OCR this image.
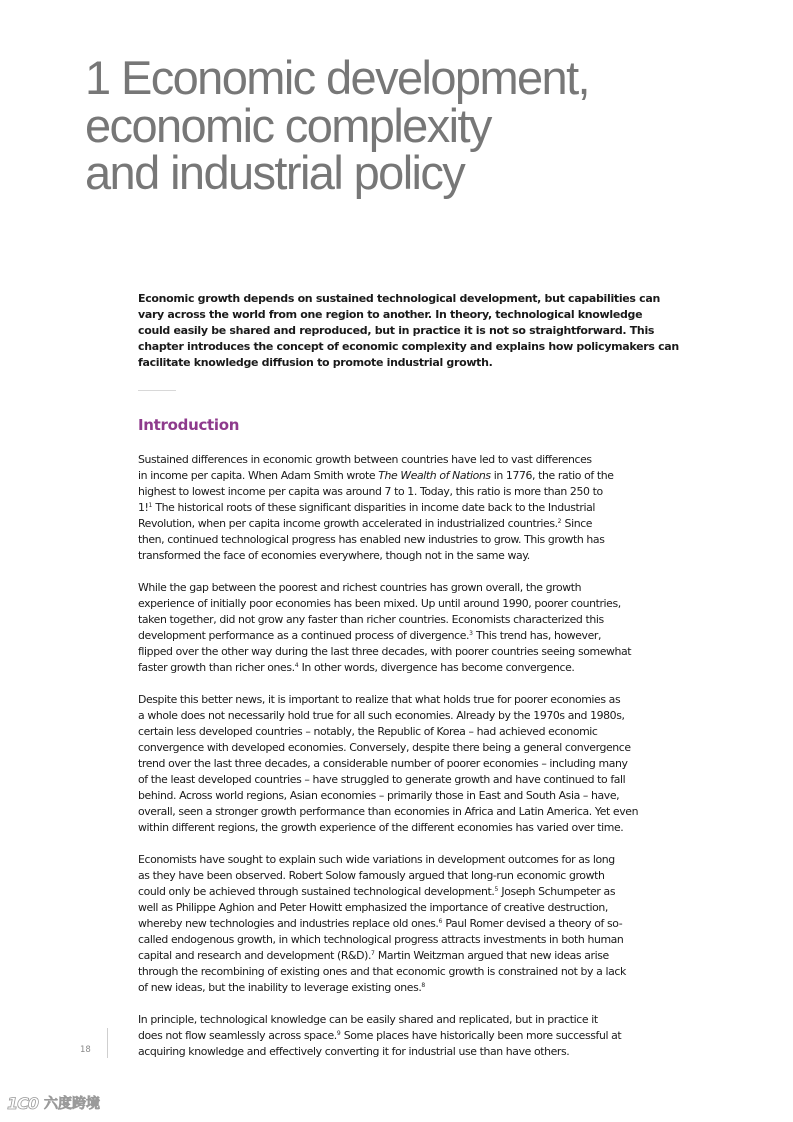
1 Economic development,
economic complexity
and industrial policy

Economic growth depends on sustained technological development, but capabilities can
vary across the world from one region to another. In theory, technological knowledge
could easily be shared and reproduced, but in practice it is not so straightforward. This
chapter introduces the concept of economic complexity and explains how policymakers can
facilitate knowledge diffusion to promote industrial growth.

Introduction

Sustained differences in economic growth between countries have led to vast differences
in income per capita. When Adam Smith wrote The Wealth of Nations in 1776, the ratio of the
highest to lowest income per capita was around 7 to 1. Today, this ratio is more than 250 to
1!$^1$ The historical roots of these significant disparities in income date back to the Industrial
Revolution, when per capita income growth accelerated in industrialized countries.$^2$ Since
then, continued technological progress has enabled new industries to grow. This growth has
transformed the face of economies everywhere, though not in the same way.

While the gap between the poorest and richest countries has grown overall, the growth
experience of initially poor economies has been mixed. Up until around 1990, poorer countries,
taken together, did not grow any faster than richer countries. Economists characterized this
development performance as a continued process of divergence.$^3$ This trend has, however,
flipped over the other way during the last three decades, with poorer countries seeing somewhat
faster growth than richer ones.$^4$ In other words, divergence has become convergence.

Despite this better news, it is important to realize that what holds true for poorer economies as
a whole does not necessarily hold true for all such economies. Already by the 1970s and 1980s,
certain less developed countries – notably, the Republic of Korea – had achieved economic
convergence with developed economies. Conversely, despite there being a general convergence
trend over the last three decades, a considerable number of poorer economies – including many
of the least developed countries – have struggled to generate growth and have continued to fall
behind. Across world regions, Asian economies – primarily those in East and South Asia – have,
overall, seen a stronger growth performance than economies in Africa and Latin America. Yet even
within different regions, the growth experience of the different economies has varied over time.

Economists have sought to explain such wide variations in development outcomes for as long
as they have been observed. Robert Solow famously argued that long-run economic growth
could only be achieved through sustained technological development.$^5$ Joseph Schumpeter as
well as Philippe Aghion and Peter Howitt emphasized the importance of creative destruction,
whereby new technologies and industries replace old ones.$^6$ Paul Romer devised a theory of so-
called endogenous growth, in which technological progress attracts investments in both human
capital and research and development (R&D).$^7$ Martin Weitzman argued that new ideas arise
through the recombining of existing ones and that economic growth is constrained not by a lack
of new ideas, but the inability to leverage existing ones.$^8$

In principle, technological knowledge can be easily shared and replicated, but in practice it
does not flow seamlessly across space.$^9$ Some places have historically been more successful at
acquiring knowledge and effectively converting it for industrial use than have others.

18
1C0 六度跨境
